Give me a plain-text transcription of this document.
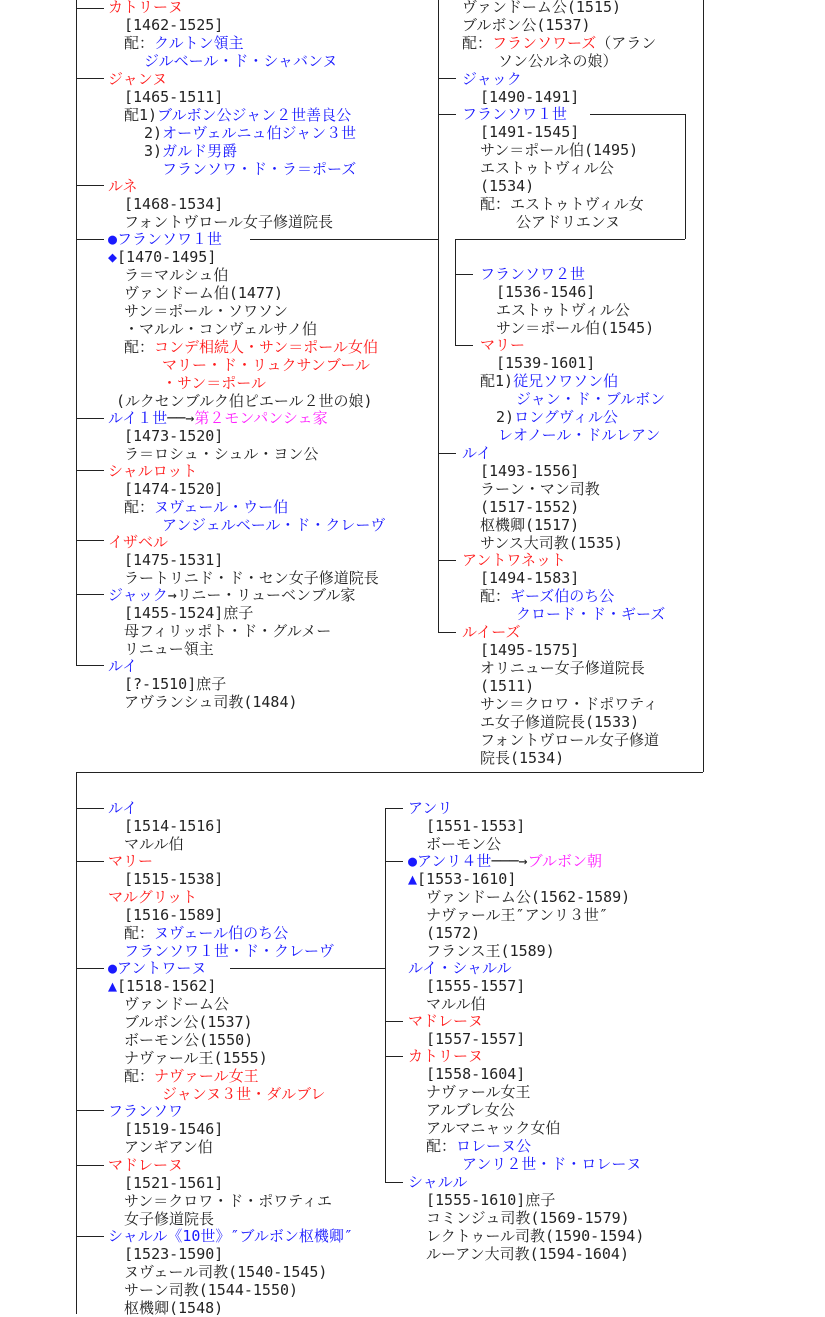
カトリーヌ
[1462-1525]
配：クルトン領主
ジルベール・ド・シャバンヌ
ジャンヌ
[1465-1511]
配1)ブルボン公ジャン２世善良公
2)オーヴェルニュ伯ジャン３世
3)ガルド男爵
フランソワ・ド・ラ＝ポーズ
ルネ
[1468-1534]
フォントヴロール女子修道院長
●フランソワ１世
◆[1470-1495]
ラ＝マルシュ伯
ヴァンドーム伯(1477)
サン＝ポール・ソワソン
・マルル・コンヴェルサノ伯
配：コンデ相続人・サン＝ポール女伯
マリー・ド・リュクサンブール
・サン＝ポール
(ルクセンブルク伯ピエール２世の娘)
ルイ１世──→第２モンパンシェ家
[1473-1520]
ラ＝ロシュ・シュル・ヨン公
シャルロット
[1474-1520]
配：ヌヴェール・ウー伯
アンジェルベール・ド・クレーヴ
イザベル
[1475-1531]
ラートリニド・ド・セン女子修道院長
ジャック→リニー・リューベンブル家
[1455-1524]庶子
母フィリッポト・ド・グルメー
リニュー領主
ルイ
[?-1510]庶子
アヴランシュ司教(1484)
ヴァンドーム公(1515)
ブルボン公(1537)
配：フランソワーズ（アラン
ソン公ルネの娘）
ジャック
[1490-1491]
フランソワ１世
[1491-1545]
サン＝ポール伯(1495)
エストゥトヴィル公
(1534)
配：エストゥトヴィル女
公アドリエンヌ
フランソワ２世
[1536-1546]
エストゥトヴィル公
サン＝ポール伯(1545)
マリー
[1539-1601]
配1)従兄ソワソン伯
ジャン・ド・ブルボン
2)ロングヴィル公
レオノール・ドルレアン
ルイ
[1493-1556]
ラーン・マン司教
(1517-1552)
枢機卿(1517)
サンス大司教(1535)
アントワネット
[1494-1583]
配：ギーズ伯のち公
クロード・ド・ギーズ
ルイーズ
[1495-1575]
オリニュー女子修道院長
(1511)
サン＝クロワ・ドポワティ
エ女子修道院長(1533)
フォントヴロール女子修道
院長(1534)
ルイ
[1514-1516]
マルル伯
マリー
[1515-1538]
マルグリット
[1516-1589]
配：ヌヴェール伯のち公
フランソワ１世・ド・クレーヴ
●アントワーヌ
▲[1518-1562]
ヴァンドーム公
ブルボン公(1537)
ボーモン公(1550)
ナヴァール王(1555)
配：ナヴァール女王
ジャンヌ３世・ダルブレ
フランソワ
[1519-1546]
アンギアン伯
マドレーヌ
[1521-1561]
サン＝クロワ・ド・ポワティエ
女子修道院長
シャルル《10世》″ブルボン枢機卿″
[1523-1590]
ヌヴェール司教(1540-1545)
サーン司教(1544-1550)
枢機卿(1548)
アンリ
[1551-1553]
ボーモン公
●アンリ４世───→ブルボン朝
▲[1553-1610]
ヴァンドーム公(1562-1589)
ナヴァール王″アンリ３世″
(1572)
フランス王(1589)
ルイ・シャルル
[1555-1557]
マルル伯
マドレーヌ
[1557-1557]
カトリーヌ
[1558-1604]
ナヴァール女王
アルブレ女公
アルマニャック女伯
配：ロレーヌ公
アンリ２世・ド・ロレーヌ
シャルル
[1555-1610]庶子
コミンジュ司教(1569-1579)
レクトゥール司教(1590-1594)
ルーアン大司教(1594-1604)
